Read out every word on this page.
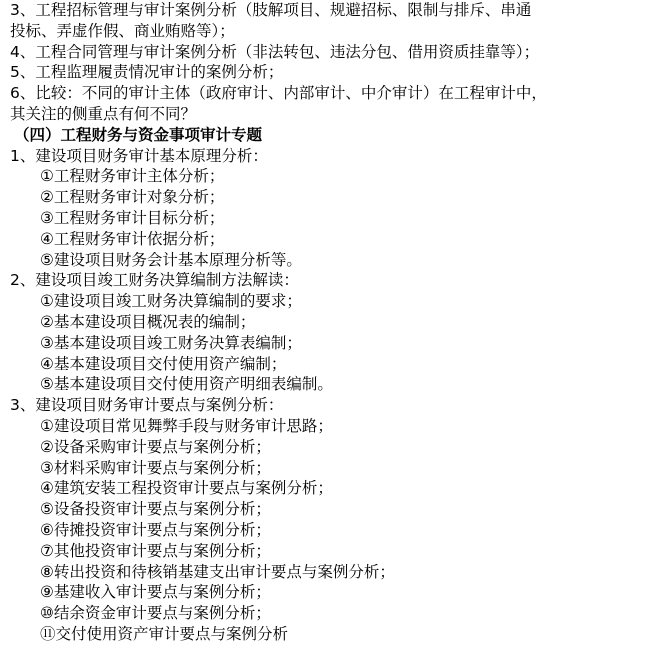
3、工程招标管理与审计案例分析（肢解项目、规避招标、限制与排斥、串通
投标、弄虚作假、商业贿赂等）；
4、工程合同管理与审计案例分析（非法转包、违法分包、借用资质挂靠等）；
5、工程监理履责情况审计的案例分析；
6、比较：不同的审计主体（政府审计、内部审计、中介审计）在工程审计中，
其关注的侧重点有何不同？
（四）工程财务与资金事项审计专题
1、建设项目财务审计基本原理分析：
①工程财务审计主体分析；
②工程财务审计对象分析；
③工程财务审计目标分析；
④工程财务审计依据分析；
⑤建设项目财务会计基本原理分析等。
2、建设项目竣工财务决算编制方法解读：
①建设项目竣工财务决算编制的要求；
②基本建设项目概况表的编制；
③基本建设项目竣工财务决算表编制；
④基本建设项目交付使用资产编制；
⑤基本建设项目交付使用资产明细表编制。
3、建设项目财务审计要点与案例分析：
①建设项目常见舞弊手段与财务审计思路；
②设备采购审计要点与案例分析；
③材料采购审计要点与案例分析；
④建筑安装工程投资审计要点与案例分析；
⑤设备投资审计要点与案例分析；
⑥待摊投资审计要点与案例分析；
⑦其他投资审计要点与案例分析；
⑧转出投资和待核销基建支出审计要点与案例分析；
⑨基建收入审计要点与案例分析；
⑩结余资金审计要点与案例分析；
⑪交付使用资产审计要点与案例分析
